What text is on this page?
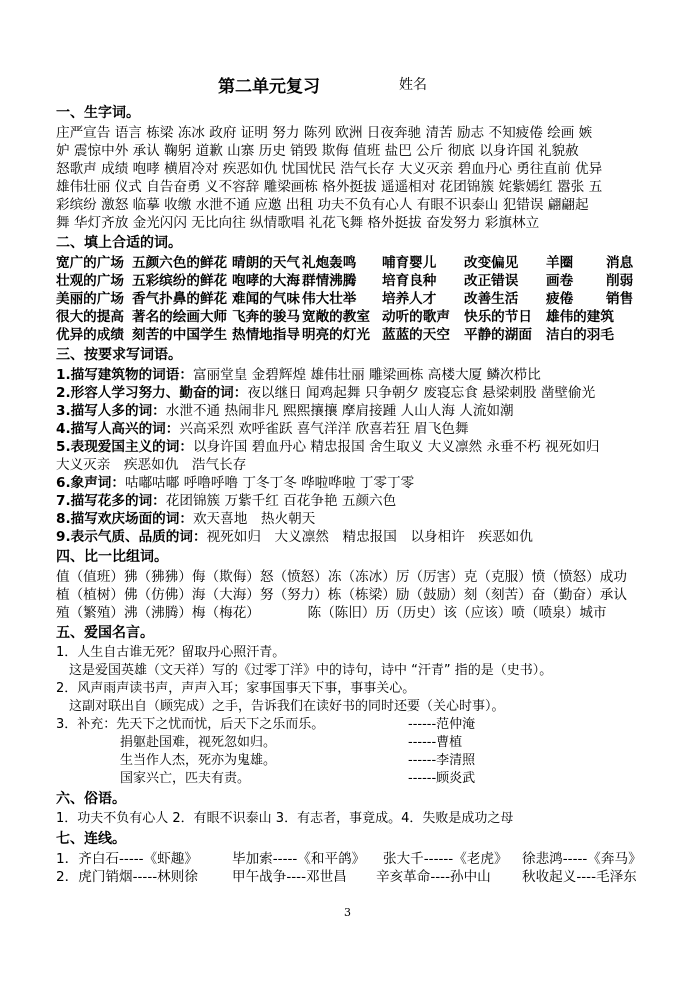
第二单元复习	姓名
一、生字词。
庄严宣告 语言 栋梁 冻冰 政府 证明 努力 陈列 欧洲 日夜奔驰 清苦 励志 不知疲倦 绘画 嫉
妒 震惊中外 承认 鞠躬 道歉 山寨 历史 销毁 欺侮 值班 盐巴 公斤 彻底 以身许国 礼貌赦
怒歌声 成绩 咆哮 横眉冷对 疾恶如仇 忧国忧民 浩气长存 大义灭亲 碧血丹心 勇往直前 优异
雄伟壮丽 仪式 自告奋勇 义不容辞 雕梁画栋 格外挺拔 遥遥相对 花团锦簇 姹紫嫣红 嚣张 五
彩缤纷 激怒 临摹 收缴 水泄不通 应邀 出租 功夫不负有心人 有眼不识泰山 犯错误 翩翩起
舞 华灯齐放 金光闪闪 无比向往 纵情歌唱 礼花飞舞 格外挺拔 奋发努力 彩旗林立
二、填上合适的词。
宽广的广场 五颜六色的鲜花 晴朗的天气 礼炮轰鸣	哺育婴儿	改变偏见	羊圈	消息
壮观的广场 五彩缤纷的鲜花 咆哮的大海 群情沸腾	培育良种	改正错误	画卷	削弱
美丽的广场 香气扑鼻的鲜花 难闻的气味 伟大壮举	培养人才	改善生活	疲倦	销售
很大的提高 著名的绘画大师 飞奔的骏马 宽敞的教室 动听的歌声	快乐的节日	雄伟的建筑
优异的成绩 刻苦的中国学生 热情地指导 明亮的灯光 蓝蓝的天空	平静的湖面	洁白的羽毛
三、按要求写词语。
1.描写建筑物的词语：富丽堂皇 金碧辉煌 雄伟壮丽 雕梁画栋 高楼大厦 鳞次栉比
2.形容人学习努力、勤奋的词：夜以继日 闻鸡起舞 只争朝夕 废寝忘食 悬梁刺股 凿壁偷光
3.描写人多的词：水泄不通 热闹非凡 熙熙攘攘 摩肩接踵 人山人海 人流如潮
4.描写人高兴的词：兴高采烈 欢呼雀跃 喜气洋洋 欣喜若狂 眉飞色舞
5.表现爱国主义的词：以身许国 碧血丹心 精忠报国 舍生取义 大义凛然 永垂不朽 视死如归
大义灭亲　疾恶如仇　浩气长存
6.象声词：咕嘟咕嘟 呼噜呼噜 丁冬丁冬 哗啦哗啦 丁零丁零
7.描写花多的词：花团锦簇 万紫千红 百花争艳 五颜六色
8.描写欢庆场面的词：欢天喜地　热火朝天
9.表示气质、品质的词：视死如归　大义凛然　精忠报国　以身相许　疾恶如仇
四、比一比组词。
值（值班）狒（狒狒）侮（欺侮）怒（愤怒）冻（冻冰）厉（厉害）克（克服）愤（愤怒）成功
植（植树）佛（仿佛）海（大海）努（努力）栋（栋梁）励（鼓励）刻（刻苦）奋（勤奋）承认
殖（繁殖）沸（沸腾）梅（梅花）　　　　陈（陈旧）历（历史）该（应该）喷（喷泉）城市
五、爱国名言。
1．人生自古谁无死？留取丹心照汗青。
　这是爱国英雄（文天祥）写的《过零丁洋》中的诗句，诗中 “汗青” 指的是（史书）。
2．风声雨声读书声，声声入耳；家事国事天下事，事事关心。
　这副对联出自（顾宪成）之手，告诉我们在读好书的同时还要（关心时事）。
3．补充：先天下之忧而忧，后天下之乐而乐。	------范仲淹
捐躯赴国难，视死忽如归。	------曹植
生当作人杰，死亦为鬼雄。	------李清照
国家兴亡，匹夫有责。	------顾炎武
六、俗语。
1．功夫不负有心人 2．有眼不识泰山 3．有志者，事竟成。4．失败是成功之母
七、连线。
1．齐白石-----《虾趣》	毕加索-----《和平鸽》 张大千------《老虎》 徐悲鸿-----《奔马》
2．虎门销烟-----林则徐	甲午战争----邓世昌 辛亥革命----孙中山 秋收起义----毛泽东
3
